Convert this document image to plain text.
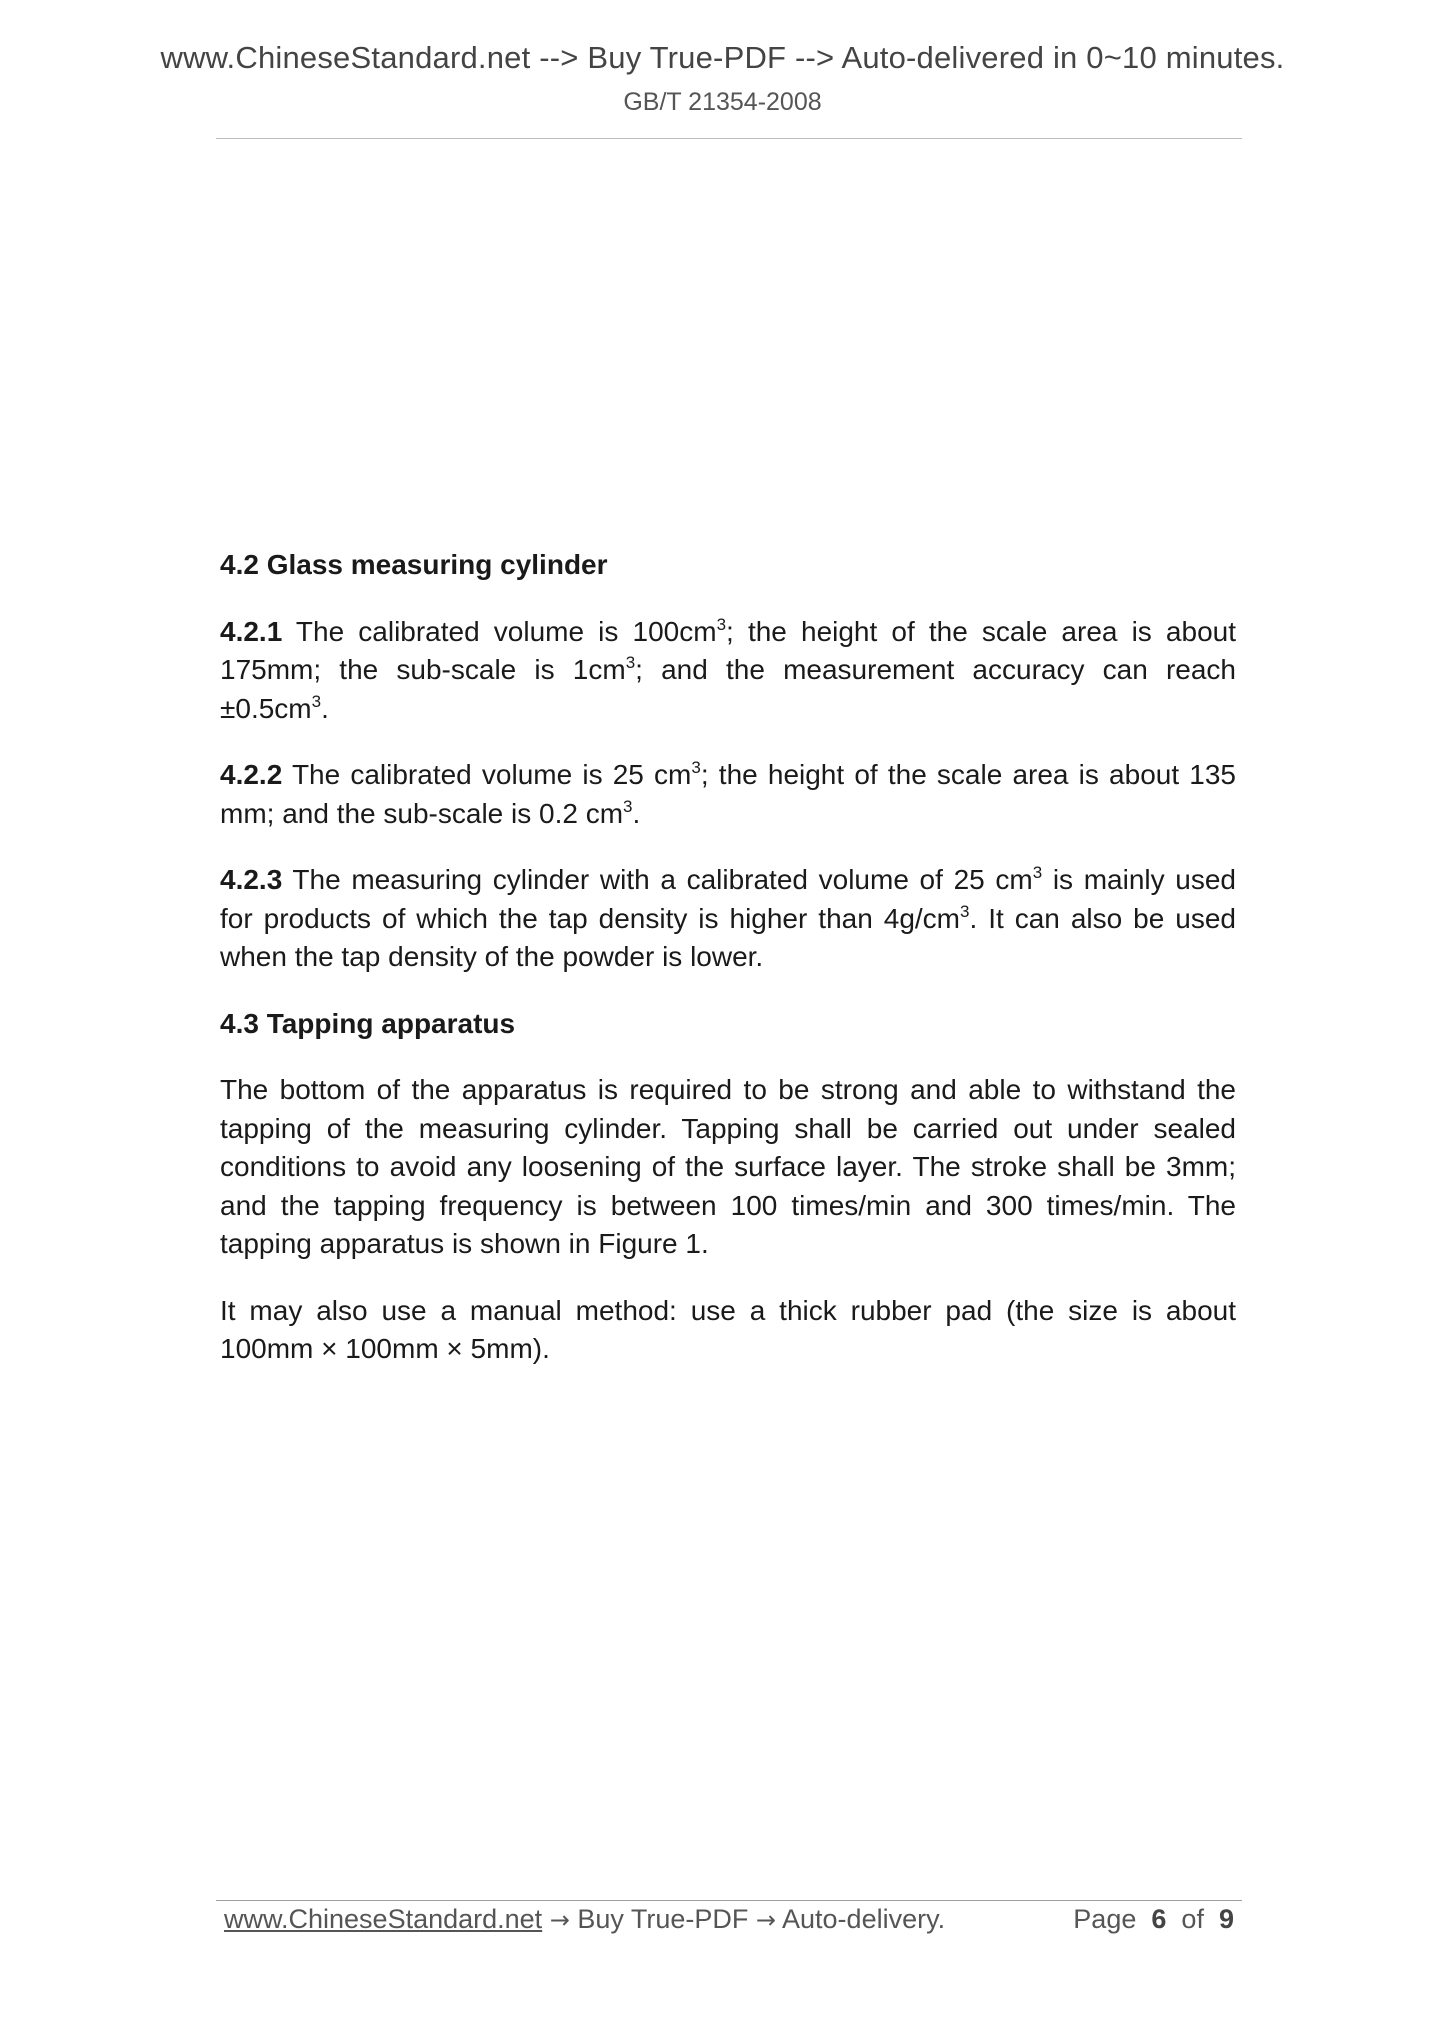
www.ChineseStandard.net --> Buy True-PDF --> Auto-delivered in 0~10 minutes.
GB/T 21354-2008
4.2 Glass measuring cylinder

4.2.1 The calibrated volume is $100cm^3$; the height of the scale area is about 175mm; the sub-scale is $1cm^3$; and the measurement accuracy can reach $\pm 0.5cm^3$.

4.2.2 The calibrated volume is 25 $cm^3$; the height of the scale area is about 135 mm; and the sub-scale is 0.2 $cm^3$.

4.2.3 The measuring cylinder with a calibrated volume of 25 $cm^3$ is mainly used for products of which the tap density is higher than $4g/cm^3$. It can also be used when the tap density of the powder is lower.

4.3 Tapping apparatus

The bottom of the apparatus is required to be strong and able to withstand the tapping of the measuring cylinder. Tapping shall be carried out under sealed conditions to avoid any loosening of the surface layer. The stroke shall be 3mm; and the tapping frequency is between 100 times/min and 300 times/min. The tapping apparatus is shown in Figure 1.

It may also use a manual method: use a thick rubber pad (the size is about 100mm × 100mm × 5mm).

www.ChineseStandard.net → Buy True-PDF → Auto-delivery.	Page 6 of 9
